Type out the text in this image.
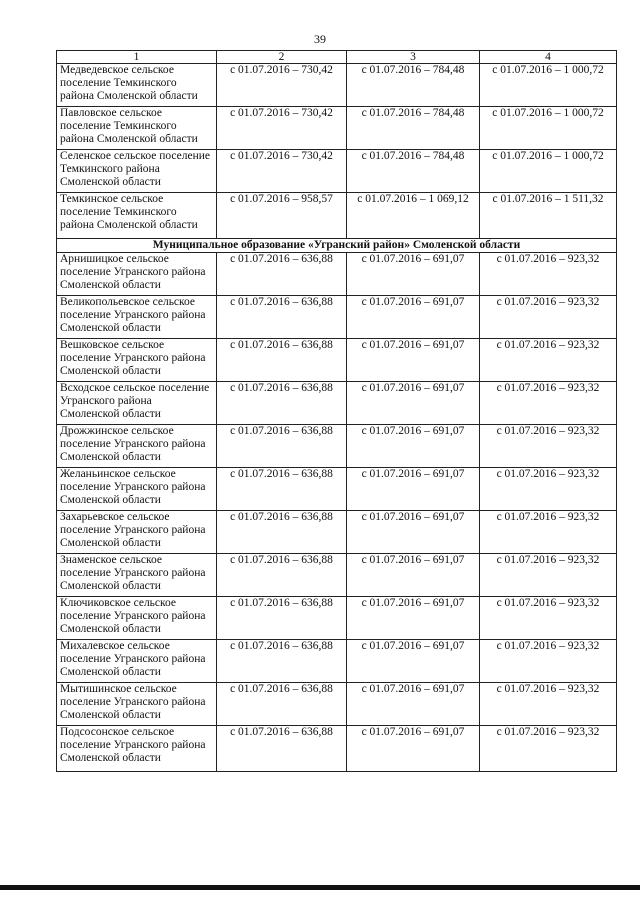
39
1	2	3	4
Медведевское сельское поселение Темкинского района Смоленской области	с 01.07.2016 – 730,42	с 01.07.2016 – 784,48	с 01.07.2016 – 1 000,72
Павловское сельское поселение Темкинского района Смоленской области	с 01.07.2016 – 730,42	с 01.07.2016 – 784,48	с 01.07.2016 – 1 000,72
Селенское сельское поселение Темкинского района Смоленской области	с 01.07.2016 – 730,42	с 01.07.2016 – 784,48	с 01.07.2016 – 1 000,72
Темкинское сельское поселение Темкинского района Смоленской области	с 01.07.2016 – 958,57	с 01.07.2016 – 1 069,12	с 01.07.2016 – 1 511,32
Муниципальное образование «Угранский район» Смоленской области			
Арнишицкое сельское поселение Угранского района Смоленской области	с 01.07.2016 – 636,88	с 01.07.2016 – 691,07	с 01.07.2016 – 923,32
Великопольевское сельское поселение Угранского района Смоленской области	с 01.07.2016 – 636,88	с 01.07.2016 – 691,07	с 01.07.2016 – 923,32
Вешковское сельское поселение Угранского района Смоленской области	с 01.07.2016 – 636,88	с 01.07.2016 – 691,07	с 01.07.2016 – 923,32
Всходское сельское поселение Угранского района Смоленской области	с 01.07.2016 – 636,88	с 01.07.2016 – 691,07	с 01.07.2016 – 923,32
Дрожжинское сельское поселение Угранского района Смоленской области	с 01.07.2016 – 636,88	с 01.07.2016 – 691,07	с 01.07.2016 – 923,32
Желаньинское сельское поселение Угранского района Смоленской области	с 01.07.2016 – 636,88	с 01.07.2016 – 691,07	с 01.07.2016 – 923,32
Захарьевское сельское поселение Угранского района Смоленской области	с 01.07.2016 – 636,88	с 01.07.2016 – 691,07	с 01.07.2016 – 923,32
Знаменское сельское поселение Угранского района Смоленской области	с 01.07.2016 – 636,88	с 01.07.2016 – 691,07	с 01.07.2016 – 923,32
Ключиковское сельское поселение Угранского района Смоленской области	с 01.07.2016 – 636,88	с 01.07.2016 – 691,07	с 01.07.2016 – 923,32
Михалевское сельское поселение Угранского района Смоленской области	с 01.07.2016 – 636,88	с 01.07.2016 – 691,07	с 01.07.2016 – 923,32
Мытишинское сельское поселение Угранского района Смоленской области	с 01.07.2016 – 636,88	с 01.07.2016 – 691,07	с 01.07.2016 – 923,32
Подсосонское сельское поселение Угранского района Смоленской области	с 01.07.2016 – 636,88	с 01.07.2016 – 691,07	с 01.07.2016 – 923,32
